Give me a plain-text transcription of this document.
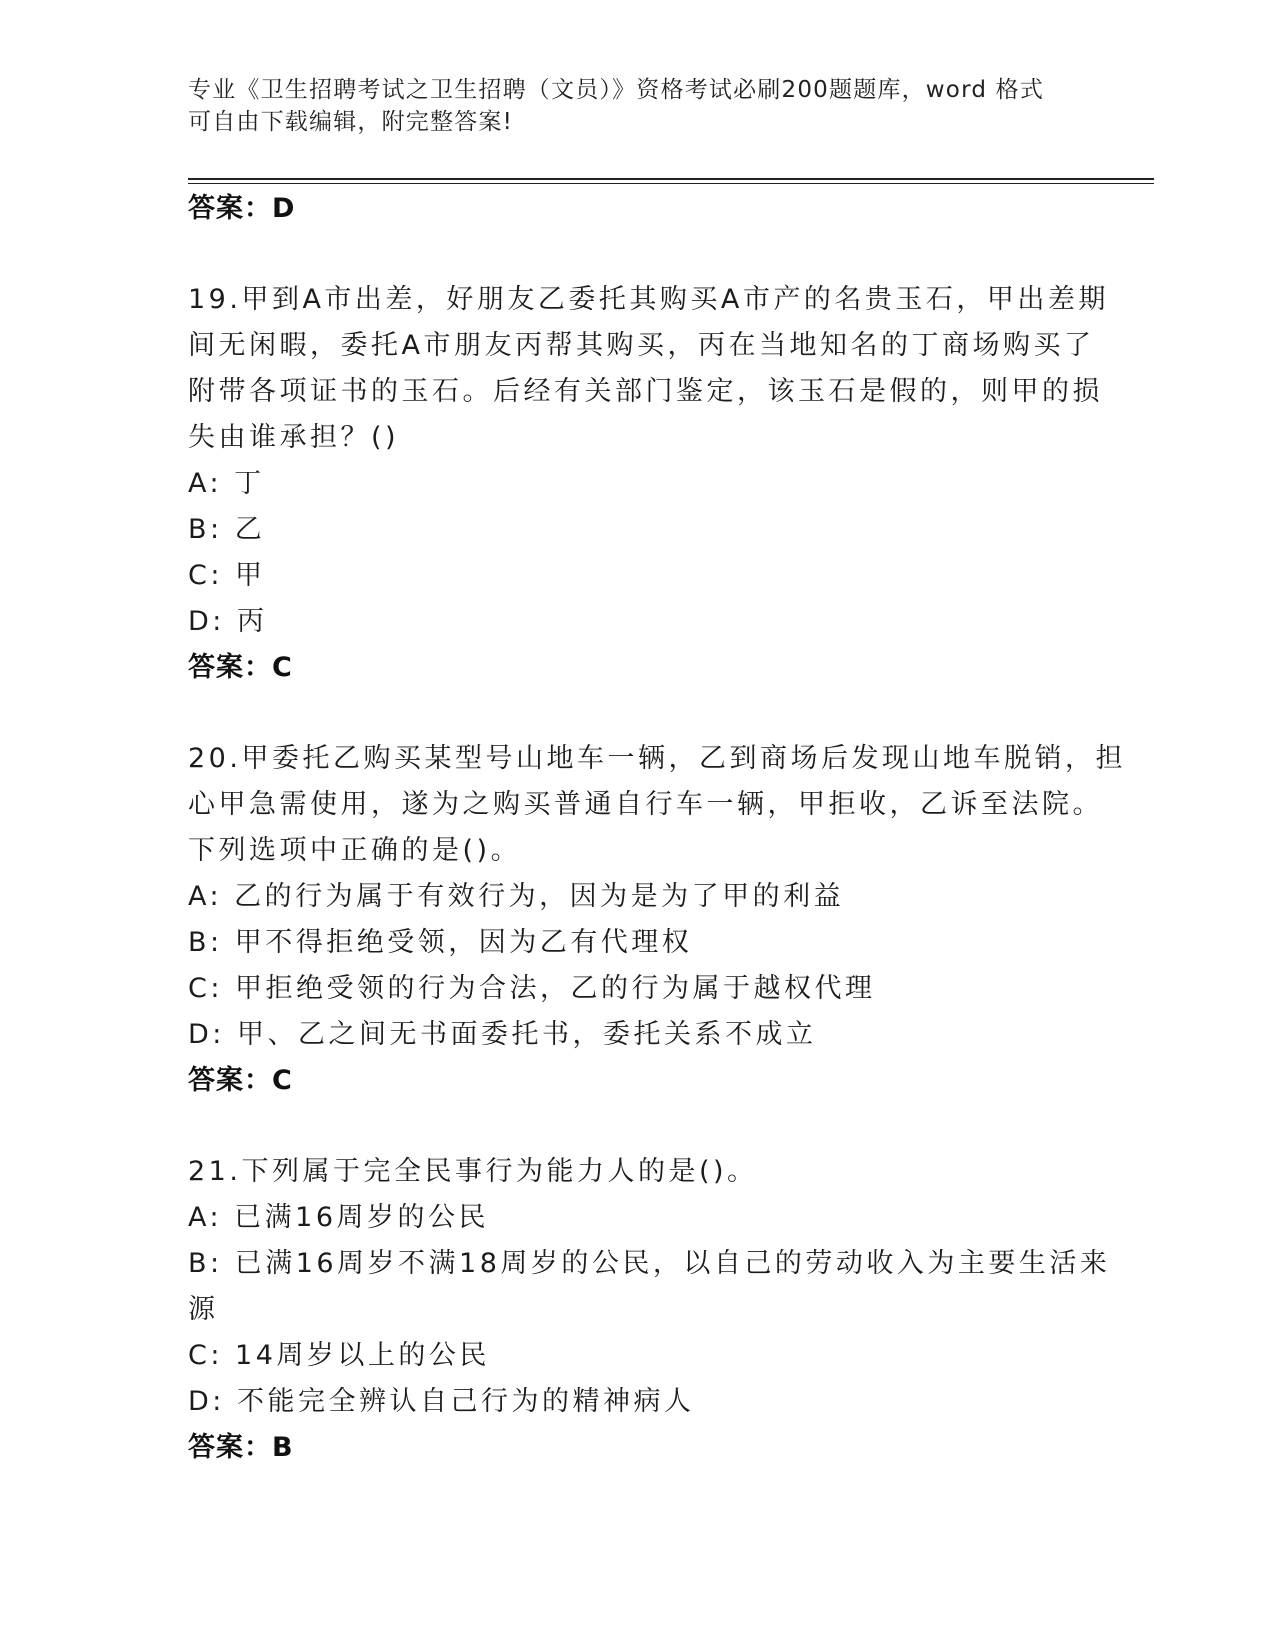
专业《卫生招聘考试之卫生招聘（文员）》资格考试必刷200题题库，word 格式
可自由下载编辑，附完整答案!
答案：D
19.甲到A市出差，好朋友乙委托其购买A市产的名贵玉石，甲出差期
间无闲暇，委托A市朋友丙帮其购买，丙在当地知名的丁商场购买了
附带各项证书的玉石。后经有关部门鉴定，该玉石是假的，则甲的损
失由谁承担？()
A: 丁
B: 乙
C: 甲
D: 丙
答案：C
20.甲委托乙购买某型号山地车一辆，乙到商场后发现山地车脱销，担
心甲急需使用，遂为之购买普通自行车一辆，甲拒收，乙诉至法院。
下列选项中正确的是()。
A: 乙的行为属于有效行为，因为是为了甲的利益
B: 甲不得拒绝受领，因为乙有代理权
C: 甲拒绝受领的行为合法，乙的行为属于越权代理
D: 甲、乙之间无书面委托书，委托关系不成立
答案：C
21.下列属于完全民事行为能力人的是()。
A: 已满16周岁的公民
B: 已满16周岁不满18周岁的公民，以自己的劳动收入为主要生活来
源
C: 14周岁以上的公民
D: 不能完全辨认自己行为的精神病人
答案：B
